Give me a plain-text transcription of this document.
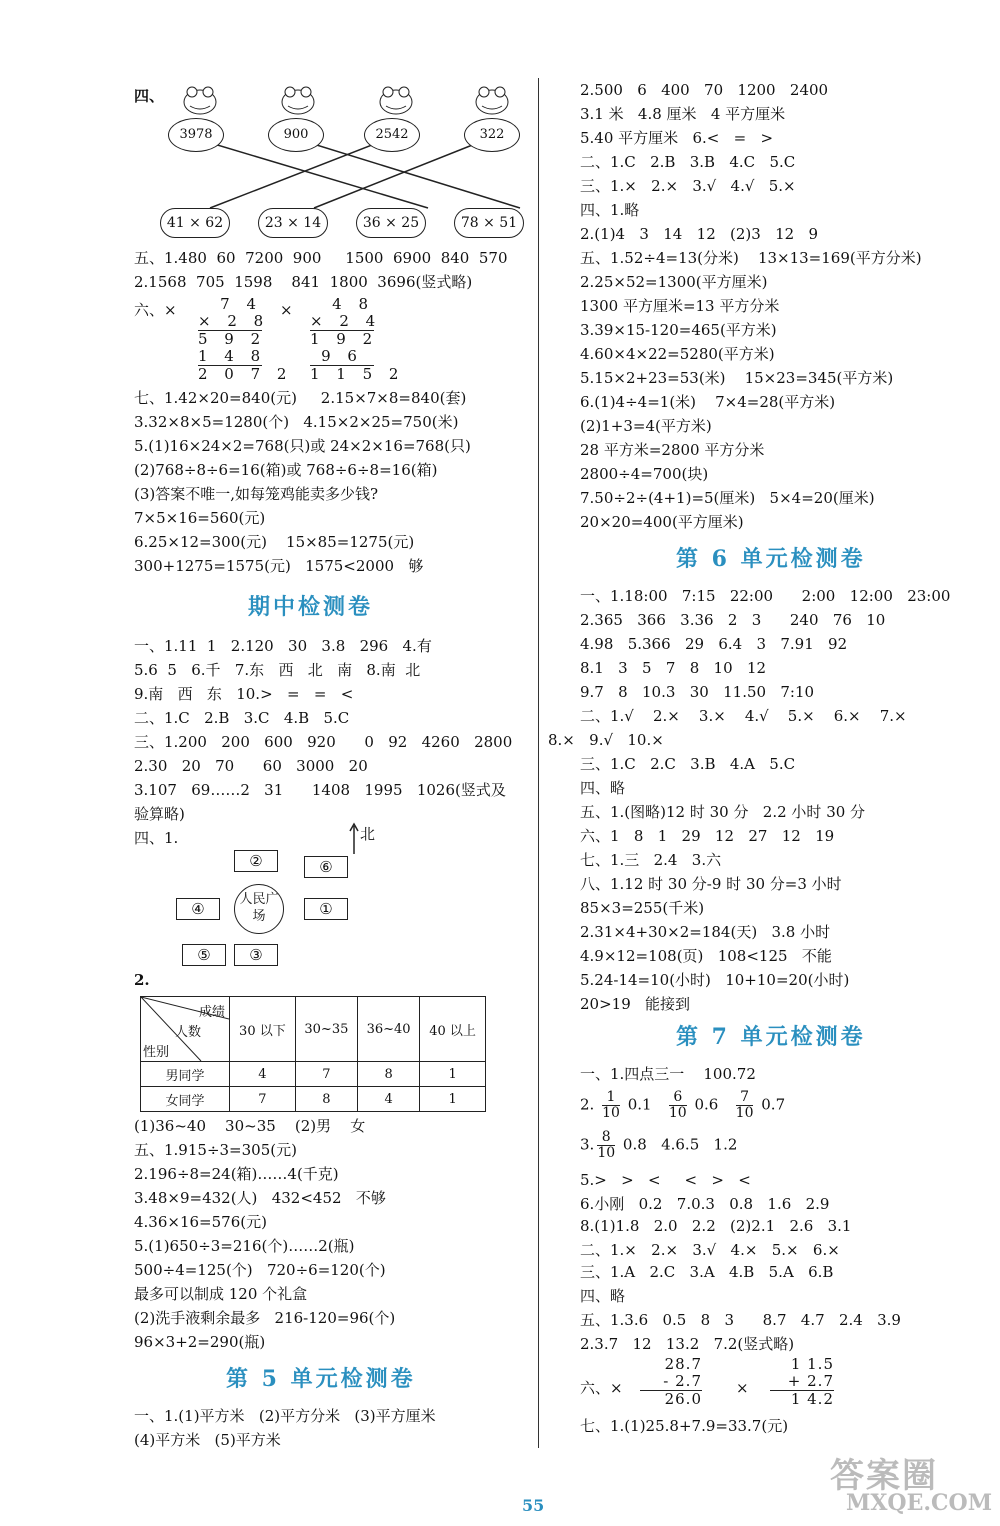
四、
3978	900	2542	322
41 × 62	23 × 14	36 × 25	78 × 51
五、1.480  60  7200  900     1500  6900  840  570
2.1568  705  1598    841  1800  3696(竖式略)
六、×	7 4
× 2 8
5 9 2
1 4 8
2 0 7 2
×	4 8
× 2 4
1 9 2
9 6
1 1 5 2
七、1.42×20=840(元)     2.15×7×8=840(套)
3.32×8×5=1280(个)   4.15×2×25=750(米)
5.(1)16×24×2=768(只)或 24×2×16=768(只)
(2)768÷8÷6=16(箱)或 768÷6÷8=16(箱)
(3)答案不唯一,如每笼鸡能卖多少钱?
7×5×16=560(元)
6.25×12=300(元)    15×85=1275(元)
300+1275=1575(元)   1575<2000   够
期中检测卷
一、1.11  1   2.120   30   3.8   296   4.有
5.6  5   6.千   7.东   西   北   南   8.南  北
9.南   西   东   10.>   =   =   <
二、1.C   2.B   3.C   4.B   5.C
三、1.200   200   600   920      0   92   4260   2800
2.30   20   70      60   3000   20
3.107   69……2   31      1408   1995   1026(竖式及
验算略)
四、1.	北
②	⑥
④
人民广场	①
⑤	③
2.
成绩
人数
性别	30 以下	30~35	36~40	40 以上
男同学	4	7	8	1
女同学	7	8	4	1
(1)36~40    30~35    (2)男    女
五、1.915÷3=305(元)
2.196÷8=24(箱)……4(千克)
3.48×9=432(人)   432<452   不够
4.36×16=576(元)
5.(1)650÷3=216(个)……2(瓶)
500÷4=125(个)   720÷6=120(个)
最多可以制成 120 个礼盒
(2)洗手液剩余最多   216-120=96(个)
96×3+2=290(瓶)
第 5 单元检测卷
一、1.(1)平方米   (2)平方分米   (3)平方厘米
(4)平方米   (5)平方米
2.500   6   400   70   1200   2400
3.1 米   4.8 厘米   4 平方厘米
5.40 平方厘米   6.<   =   >
二、1.C   2.B   3.B   4.C   5.C
三、1.×   2.×   3.√   4.√   5.×
四、1.略
2.(1)4   3   14   12   (2)3   12   9
五、1.52÷4=13(分米)    13×13=169(平方分米)
2.25×52=1300(平方厘米)
1300 平方厘米=13 平方分米
3.39×15-120=465(平方米)
4.60×4×22=5280(平方米)
5.15×2+23=53(米)    15×23=345(平方米)
6.(1)4÷4=1(米)    7×4=28(平方米)
(2)1+3=4(平方米)
28 平方米=2800 平方分米
2800÷4=700(块)
7.50÷2÷(4+1)=5(厘米)   5×4=20(厘米)
20×20=400(平方厘米)
第 6 单元检测卷
一、1.18:00   7:15   22:00      2:00   12:00   23:00
2.365   366   3.36   2   3      240   76   10
4.98   5.366   29   6.4   3   7.91   92
8.1   3   5   7   8   10   12
9.7   8   10.3   30   11.50   7:10
二、1.√    2.×    3.×    4.√    5.×    6.×    7.×
8.×   9.√   10.×
三、1.C   2.C   3.B   4.A   5.C
四、略
五、1.(图略)12 时 30 分   2.2 小时 30 分
六、1   8   1   29   12   27   12   19
七、1.三   2.4   3.六
八、1.12 时 30 分-9 时 30 分=3 小时
85×3=255(千米)
2.31×4+30×2=184(天)   3.8 小时
4.9×12=108(页)   108<125   不能
5.24-14=10(小时)   10+10=20(小时)
20>19   能接到
第 7 单元检测卷
一、1.四点三一    100.72
2. $\frac{1}{10} 0.1 \frac{6}{10} 0.6 \frac{7}{10} 0.7$
3. $\frac{8}{10} 0.8$   4.6.5   1.2
5.>   >   <     <   >   <
6.小刚   0.2   7.0.3   0.8   1.6   2.9
8.(1)1.8   2.0   2.2   (2)2.1   2.6   3.1
二、1.×   2.×   3.√   4.×   5.×   6.×
三、1.A   2.C   3.A   4.B   5.A   6.B
四、略
五、1.3.6   0.5   8   3      8.7   4.7   2.4   3.9
2.3.7   12   13.2   7.2(竖式略)
六、×
28.7
- 2.7
26.0
×
1 1.5
+ 2.7
1 4.2
七、1.(1)25.8+7.9=33.7(元)
55
答案圈
MXQE.COM
